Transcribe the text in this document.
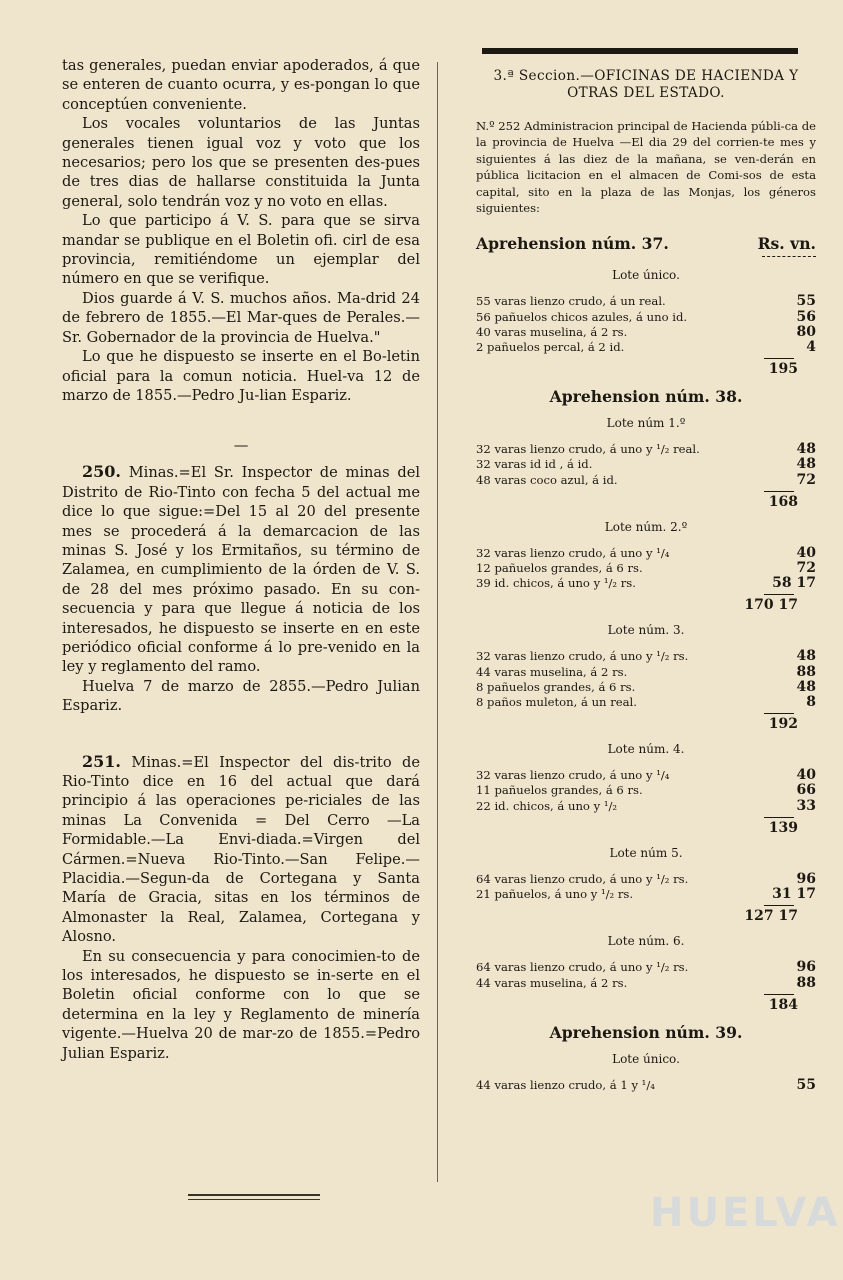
tas generales, puedan enviar apoderados, á que se enteren de cuanto ocurra, y es-pongan lo que conceptúen conveniente.

Los vocales voluntarios de las Juntas generales tienen igual voz y voto que los necesarios; pero los que se presenten des-pues de tres dias de hallarse constituida la Junta general, solo tendrán voz y no voto en ellas.

Lo que participo á V. S. para que se sirva mandar se publique en el Boletin ofi. cirl de esa provincia, remitiéndome un ejemplar del número en que se verifique.

Dios guarde á V. S. muchos años. Ma-drid 24 de febrero de 1855.—El Mar-ques de Perales.—Sr. Gobernador de la provincia de Huelva."

Lo que he dispuesto se inserte en el Bo-letin oficial para la comun noticia. Huel-va 12 de marzo de 1855.—Pedro Ju-lian Espariz.

—

250. Minas.=El Sr. Inspector de minas del Distrito de Rio-Tinto con fecha 5 del actual me dice lo que sigue:=Del 15 al 20 del presente mes se procederá á la demarcacion de las minas S. José y los Ermitaños, su término de Zalamea, en cumplimiento de la órden de V. S. de 28 del mes próximo pasado. En su con-secuencia y para que llegue á noticia de los interesados, he dispuesto se inserte en en este periódico oficial conforme á lo pre-venido en la ley y reglamento del ramo.

Huelva 7 de marzo de 2855.—Pedro Julian Espariz.

251. Minas.=El Inspector del dis-trito de Rio-Tinto dice en 16 del actual que dará principio á las operaciones pe-riciales de las minas La Convenida = Del Cerro —La Formidable.—La Envi-diada.=Virgen del Cármen.=Nueva Rio-Tinto.—San Felipe.—Placidia.—Segun-da de Cortegana y Santa María de Gracia, sitas en los términos de Almonaster la Real, Zalamea, Cortegana y Alosno.

En su consecuencia y para conocimien-to de los interesados, he dispuesto se in-serte en el Boletin oficial conforme con lo que se determina en la ley y Reglamento de minería vigente.—Huelva 20 de mar-zo de 1855.=Pedro Julian Espariz.

3.ª Seccion.—OFICINAS DE HACIENDA Y OTRAS DEL ESTADO.
N.º 252 Administracion principal de Hacienda públi-ca de la provincia de Huelva —El dia 29 del corrien-te mes y siguientes á las diez de la mañana, se ven-derán en pública licitacion en el almacen de Comi-sos de esta capital, sito en la plaza de las Monjas, los géneros siguientes:
Aprehension núm. 37.	Rs. vn.
Lote único.
55 varas lienzo crudo, á un real.	55
56 pañuelos chicos azules, á uno id.	56
40 varas muselina, á 2 rs.	80
2 pañuelos percal, á 2 id.	4
195
Aprehension núm. 38.
Lote núm 1.º
32 varas lienzo crudo, á uno y ¹/₂ real.	48
32 varas id id , á id.	48
48 varas coco azul, á id.	72
168
Lote núm. 2.º
32 varas lienzo crudo, á uno y ¹/₄	40
12 pañuelos grandes, á 6 rs.	72
39 id. chicos, á uno y ¹/₂ rs.	58 17
170 17
Lote núm. 3.
32 varas lienzo crudo, á uno y ¹/₂ rs.	48
44 varas muselina, á 2 rs.	88
8 pañuelos grandes, á 6 rs.	48
8 paños muleton, á un real.	8
192
Lote núm. 4.
32 varas lienzo crudo, á uno y ¹/₄	40
11 pañuelos grandes, á 6 rs.	66
22 id. chicos, á uno y ¹/₂	33
139
Lote núm 5.
64 varas lienzo crudo, á uno y ¹/₂ rs.	96
21 pañuelos, á uno y ¹/₂ rs.	31 17
127 17
Lote núm. 6.
64 varas lienzo crudo, á uno y ¹/₂ rs.	96
44 varas muselina, á 2 rs.	88
184
Aprehension núm. 39.
Lote único.
44 varas lienzo crudo, á 1 y ¹/₄	55
HUELVA
